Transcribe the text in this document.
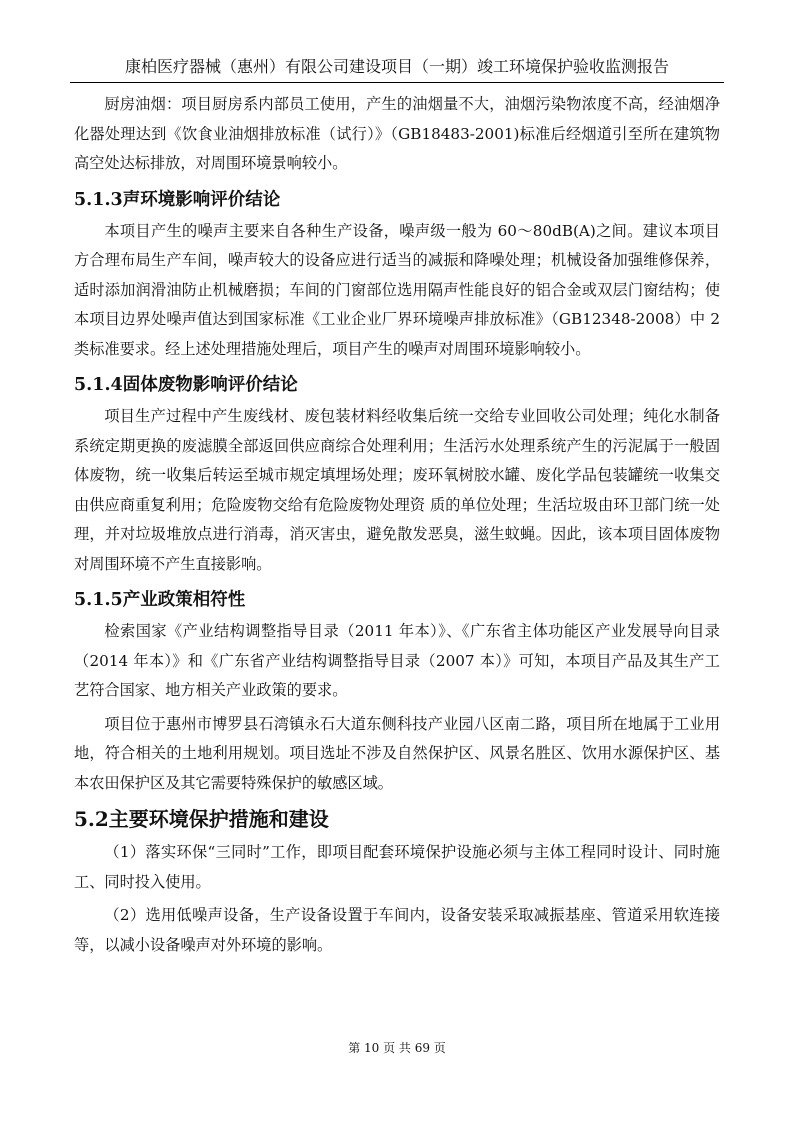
康柏医疗器械（惠州）有限公司建设项目（一期）竣工环境保护验收监测报告

厨房油烟：项目厨房系内部员工使用，产生的油烟量不大，油烟污染物浓度不高，经油烟净化器处理达到《饮食业油烟排放标准（试行）》（GB18483-2001)标准后经烟道引至所在建筑物高空处达标排放，对周围环境景响较小。

5.1.3声环境影响评价结论

本项目产生的噪声主要来自各种生产设备，噪声级一般为 60～80dB(A)之间。建议本项目方合理布局生产车间，噪声较大的设备应进行适当的减振和降噪处理；机械设备加强维修保养，适时添加润滑油防止机械磨损；车间的门窗部位选用隔声性能良好的铝合金或双层门窗结构；使本项目边界处噪声值达到国家标准《工业企业厂界环境噪声排放标准》（GB12348-2008）中 2 类标准要求。经上述处理措施处理后，项目产生的噪声对周围环境影响较小。

5.1.4固体废物影响评价结论

项目生产过程中产生废线材、废包装材料经收集后统一交给专业回收公司处理；纯化水制备系统定期更换的废滤膜全部返回供应商综合处理利用；生活污水处理系统产生的污泥属于一般固体废物，统一收集后转运至城市规定填埋场处理；废环氧树胶水罐、废化学品包装罐统一收集交由供应商重复利用；危险废物交给有危险废物处理资 质的单位处理；生活垃圾由环卫部门统一处理，并对垃圾堆放点进行消毒，消灭害虫，避免散发恶臭，滋生蚊蝇。因此，该本项目固体废物对周围环境不产生直接影响。

5.1.5产业政策相符性

检索国家《产业结构调整指导目录（2011 年本）》、《广东省主体功能区产业发展导向目录（2014 年本）》和《广东省产业结构调整指导目录（2007 本）》可知，本项目产品及其生产工艺符合国家、地方相关产业政策的要求。

项目位于惠州市博罗县石湾镇永石大道东侧科技产业园八区南二路，项目所在地属于工业用地，符合相关的土地利用规划。项目选址不涉及自然保护区、风景名胜区、饮用水源保护区、基本农田保护区及其它需要特殊保护的敏感区域。

5.2主要环境保护措施和建设

（1）落实环保“三同时”工作，即项目配套环境保护设施必须与主体工程同时设计、同时施工、同时投入使用。

（2）选用低噪声设备，生产设备设置于车间内，设备安装采取减振基座、管道采用软连接等，以减小设备噪声对外环境的影响。

第 10 页 共 69 页
